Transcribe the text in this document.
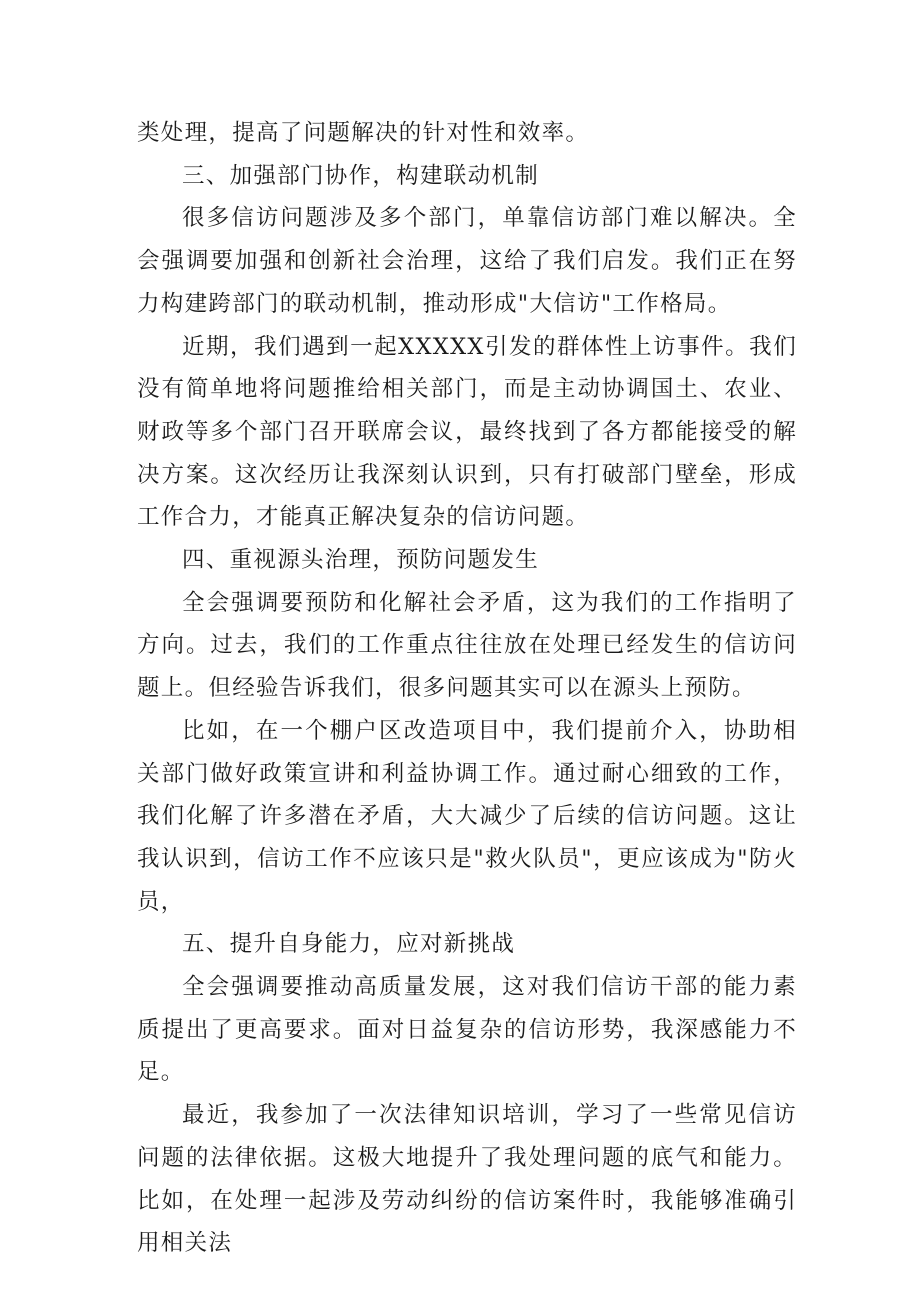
类处理，提高了问题解决的针对性和效率。

三、加强部门协作，构建联动机制

很多信访问题涉及多个部门，单靠信访部门难以解决。全会强调要加强和创新社会治理，这给了我们启发。我们正在努力构建跨部门的联动机制，推动形成"大信访"工作格局。

近期，我们遇到一起XXXXX引发的群体性上访事件。我们没有简单地将问题推给相关部门，而是主动协调国土、农业、财政等多个部门召开联席会议，最终找到了各方都能接受的解决方案。这次经历让我深刻认识到，只有打破部门壁垒，形成工作合力，才能真正解决复杂的信访问题。

四、重视源头治理，预防问题发生

全会强调要预防和化解社会矛盾，这为我们的工作指明了方向。过去，我们的工作重点往往放在处理已经发生的信访问题上。但经验告诉我们，很多问题其实可以在源头上预防。

比如，在一个棚户区改造项目中，我们提前介入，协助相关部门做好政策宣讲和利益协调工作。通过耐心细致的工作，我们化解了许多潜在矛盾，大大减少了后续的信访问题。这让我认识到，信访工作不应该只是"救火队员"，更应该成为"防火员，

五、提升自身能力，应对新挑战

全会强调要推动高质量发展，这对我们信访干部的能力素质提出了更高要求。面对日益复杂的信访形势，我深感能力不足。

最近，我参加了一次法律知识培训，学习了一些常见信访问题的法律依据。这极大地提升了我处理问题的底气和能力。比如，在处理一起涉及劳动纠纷的信访案件时，我能够准确引用相关法
